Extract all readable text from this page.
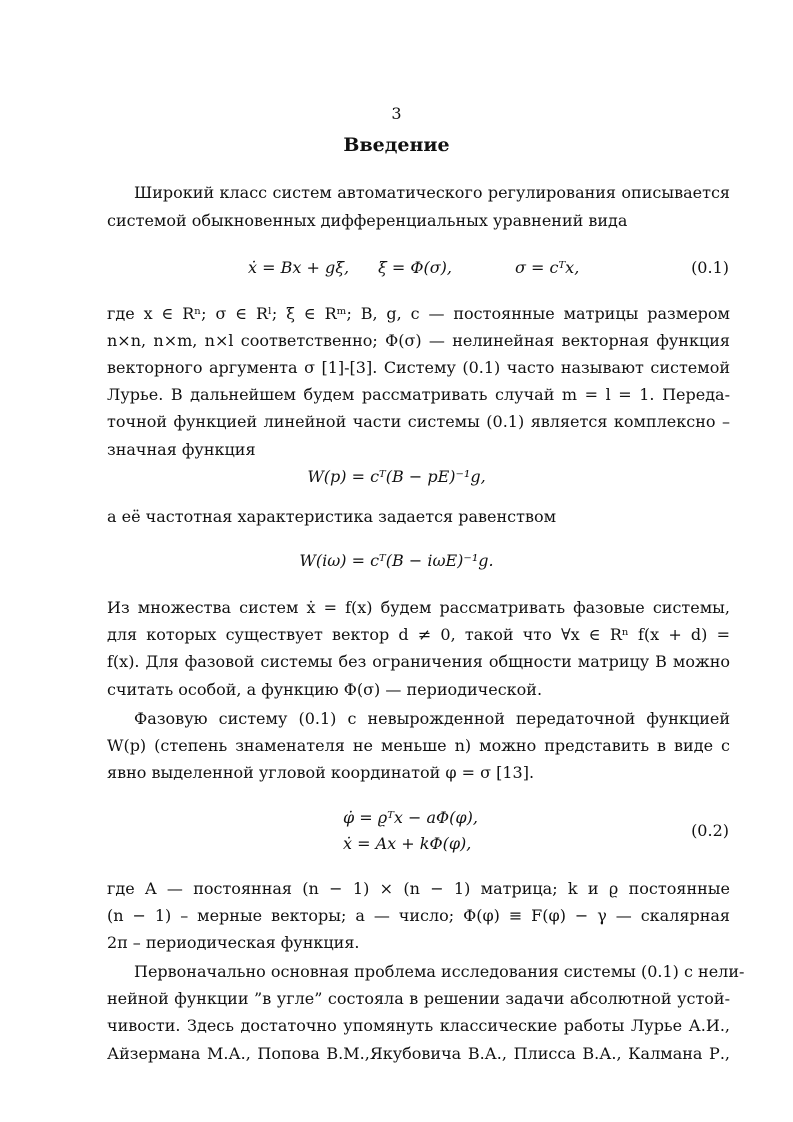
3
Введение
Широкий класс систем автоматического регулирования описывается
системой обыкновенных дифференциальных уравнений вида
ẋ = Bx + gξ, ξ = Φ(σ),	σ = cᵀx,	(0.1)
где x ∈ Rⁿ; σ ∈ Rˡ; ξ ∈ Rᵐ; B, g, c — постоянные матрицы размером
n×n, n×m, n×l соответственно; Φ(σ) — нелинейная векторная функция
векторного аргумента σ [1]-[3]. Систему (0.1) часто называют системой
Лурье. В дальнейшем будем рассматривать случай m = l = 1. Переда-
точной функцией линейной части системы (0.1) является комплексно –
значная функция
W(p) = cᵀ(B − pE)⁻¹g,
а её частотная характеристика задается равенством
W(iω) = cᵀ(B − iωE)⁻¹g.
Из множества систем ẋ = f(x) будем рассматривать фазовые системы,
для которых существует вектор d ≠ 0, такой что ∀x ∈ Rⁿ f(x + d) =
f(x). Для фазовой системы без ограничения общности матрицу B можно
считать особой, а функцию Φ(σ) — периодической.
Фазовую систему (0.1) с невырожденной передаточной функцией
W(p) (степень знаменателя не меньше n) можно представить в виде с
явно выделенной угловой координатой φ = σ [13].
φ̇ = ϱᵀx − aΦ(φ),
ẋ = Ax + kΦ(φ),
(0.2)
где A — постоянная (n − 1) × (n − 1) матрица; k и ϱ постоянные
(n − 1) – мерные векторы; a — число; Φ(φ) ≡ F(φ) − γ — скалярная
2π – периодическая функция.
Первоначально основная проблема исследования системы (0.1) с нели-
нейной функции ”в угле” состояла в решении задачи абсолютной устой-
чивости. Здесь достаточно упомянуть классические работы Лурье А.И.,
Айзермана М.А., Попова В.М.,Якубовича В.А., Плисса В.А., Калмана Р.,
